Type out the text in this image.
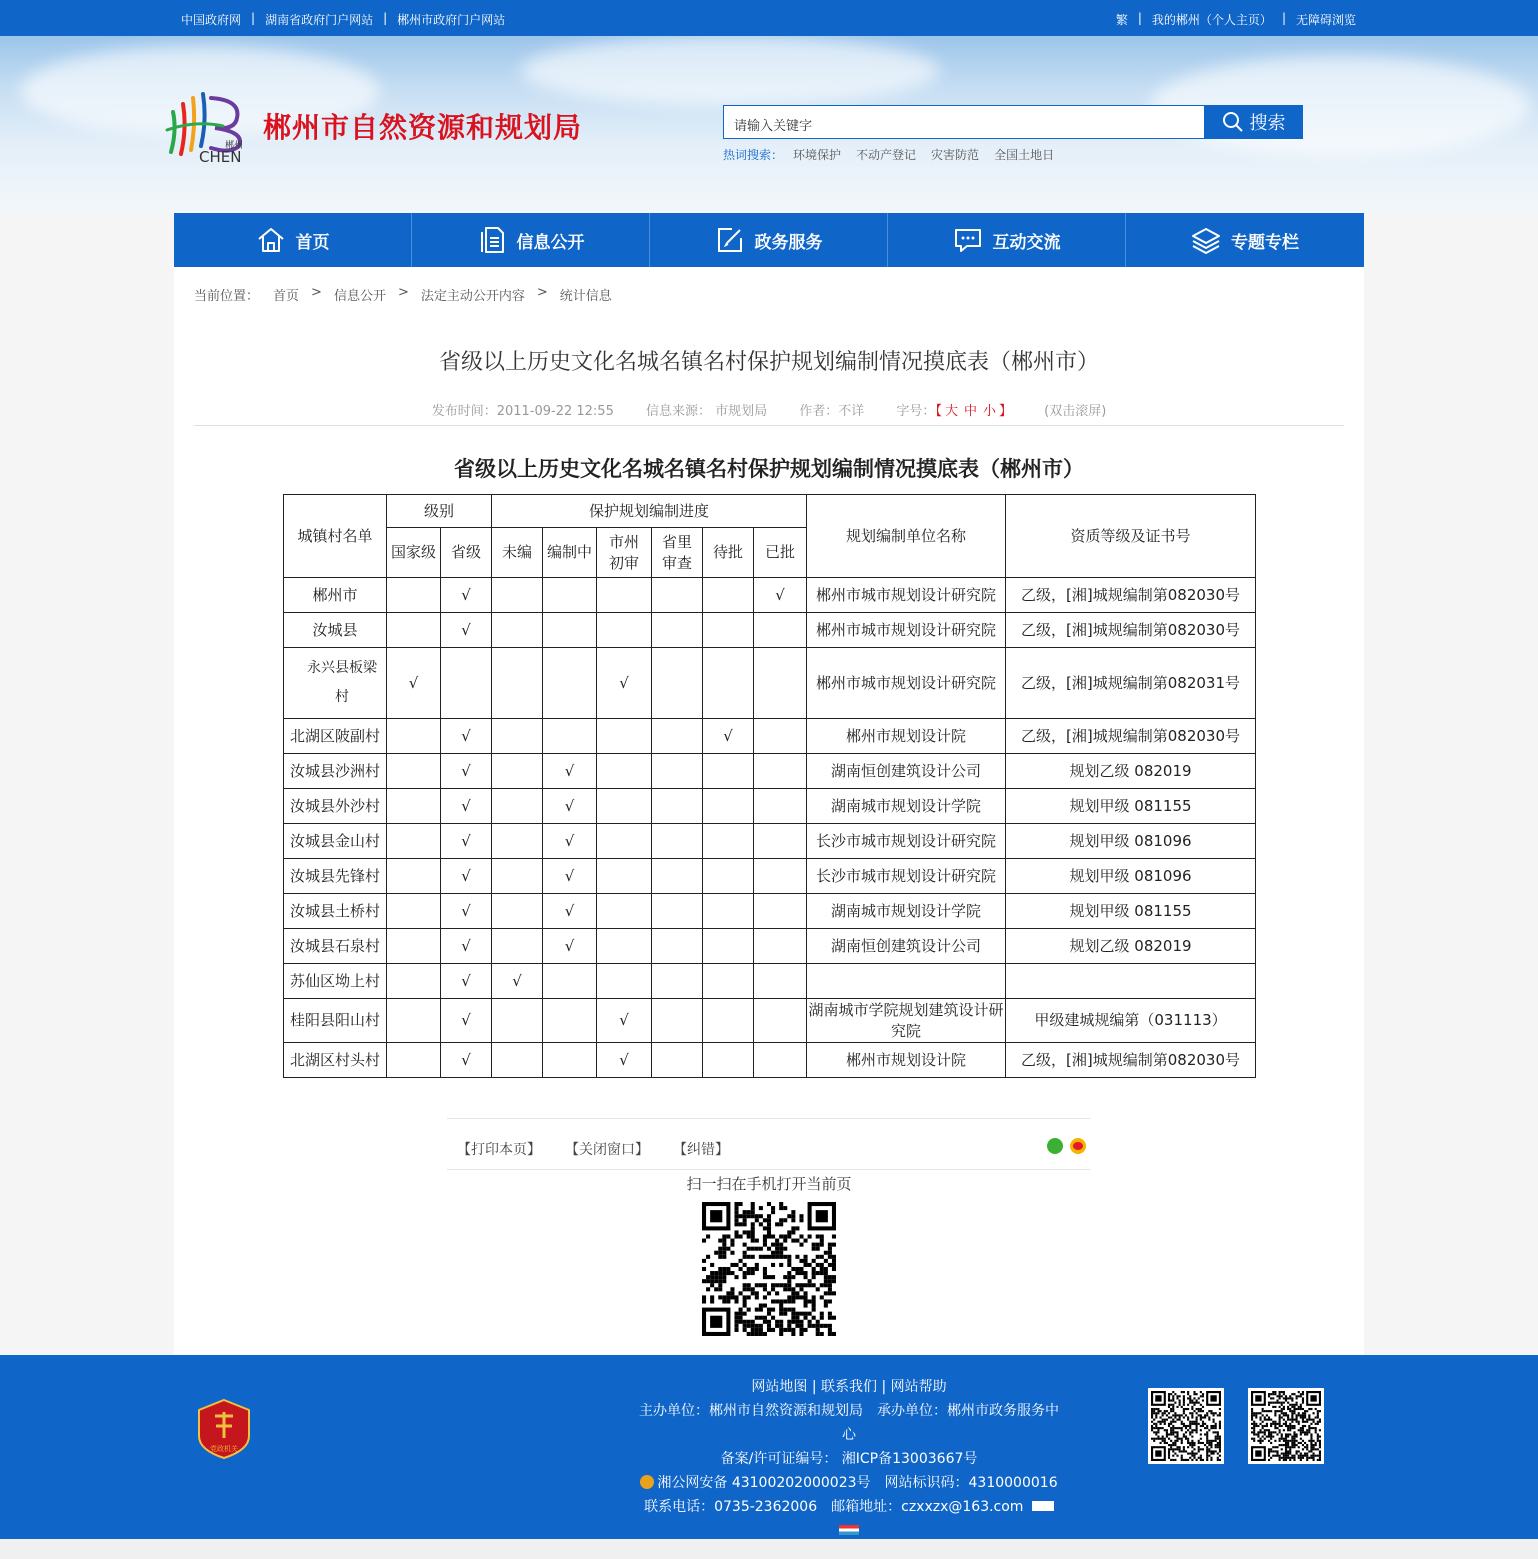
中国政府网 | 湖南省政府门户网站 | 郴州市政府门户网站	繁 | 我的郴州（个人主页） | 无障碍浏览
郴州
CHEN
郴州市自然资源和规划局	请输入关键字	搜索
热词搜索： 环境保护 不动产登记 灾害防范 全国土地日
首页	信息公开	政务服务	互动交流	专题专栏
当前位置： 首页 > 信息公开 > 法定主动公开内容 > 统计信息
省级以上历史文化名城名镇名村保护规划编制情况摸底表（郴州市）
发布时间：2011-09-22 12:55 信息来源： 市规划局 作者：不详 字号：【 大 中 小 】 (双击滚屏)
省级以上历史文化名城名镇名村保护规划编制情况摸底表（郴州市）
城镇村名单	级别		保护规划编制进度						规划编制单位名称	资质等级及证书号
	国家级	省级	未编	编制中	市州初审	省里审查	待批	已批		
郴州市		√						√	郴州市城市规划设计研究院	乙级，[湘]城规编制第082030号
汝城县		√							郴州市城市规划设计研究院	乙级，[湘]城规编制第082030号
永兴县板梁村	√				√				郴州市城市规划设计研究院	乙级，[湘]城规编制第082031号
北湖区陂副村		√					√		郴州市规划设计院	乙级，[湘]城规编制第082030号
汝城县沙洲村		√		√					湖南恒创建筑设计公司	规划乙级 082019
汝城县外沙村		√		√					湖南城市规划设计学院	规划甲级 081155
汝城县金山村		√		√					长沙市城市规划设计研究院	规划甲级 081096
汝城县先锋村		√		√					长沙市城市规划设计研究院	规划甲级 081096
汝城县土桥村		√		√					湖南城市规划设计学院	规划甲级 081155
汝城县石泉村		√		√					湖南恒创建筑设计公司	规划乙级 082019
苏仙区坳上村		√	√							
桂阳县阳山村		√			√				湖南城市学院规划建筑设计研究院	甲级建城规编第（031113）
北湖区村头村		√			√				郴州市规划设计院	乙级，[湘]城规编制第082030号
【打印本页】 【关闭窗口】 【纠错】
扫一扫在手机打开当前页
党政机关
网站地图 | 联系我们 | 网站帮助
主办单位：郴州市自然资源和规划局　承办单位：郴州市政务服务中心
备案/许可证编号： 湘ICP备13003667号
湘公网安备 43100202000023号　网站标识码：4310000016
联系电话：0735-2362006　邮箱地址：czxxzx@163.com
